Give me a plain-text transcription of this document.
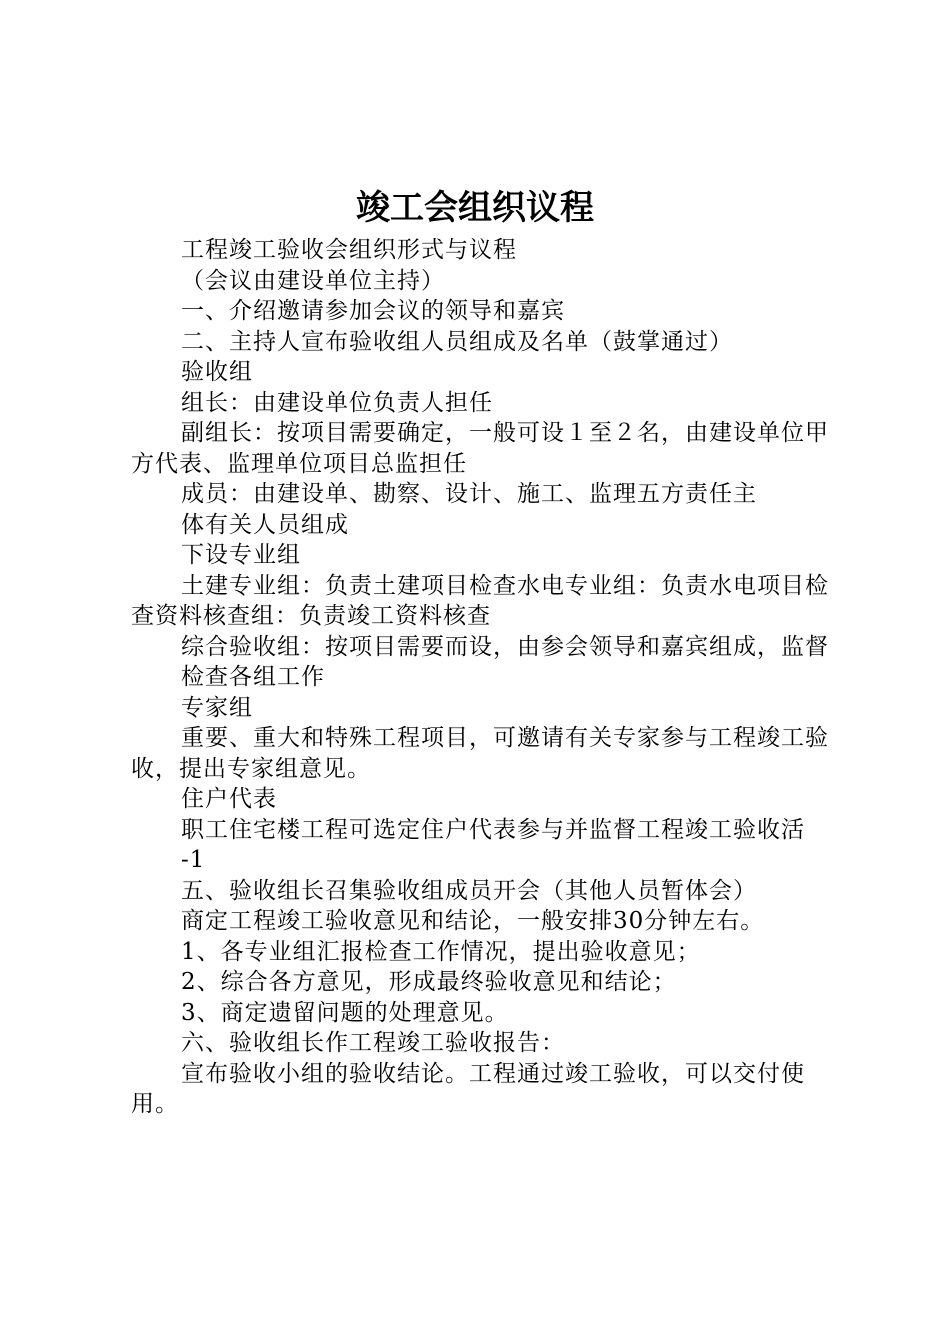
竣工会组织议程

工程竣工验收会组织形式与议程

（会议由建设单位主持）

一、介绍邀请参加会议的领导和嘉宾

二、主持人宣布验收组人员组成及名单（鼓掌通过）

验收组

组长：由建设单位负责人担任

副组长：按项目需要确定，一般可设１至２名，由建设单位甲方代表、监理单位项目总监担任

成员：由建设单、勘察、设计、施工、监理五方责任主

体有关人员组成

下设专业组

土建专业组：负责土建项目检查水电专业组：负责水电项目检查资料核查组：负责竣工资料核查

综合验收组：按项目需要而设，由参会领导和嘉宾组成，监督

检查各组工作

专家组

重要、重大和特殊工程项目，可邀请有关专家参与工程竣工验收，提出专家组意见。

住户代表

职工住宅楼工程可选定住户代表参与并监督工程竣工验收活

-1

五、验收组长召集验收组成员开会（其他人员暂体会）

商定工程竣工验收意见和结论，一般安排30分钟左右。

1、各专业组汇报检查工作情况，提出验收意见；

2、综合各方意见，形成最终验收意见和结论；

3、商定遗留问题的处理意见。

六、验收组长作工程竣工验收报告：

宣布验收小组的验收结论。工程通过竣工验收，可以交付使用。
